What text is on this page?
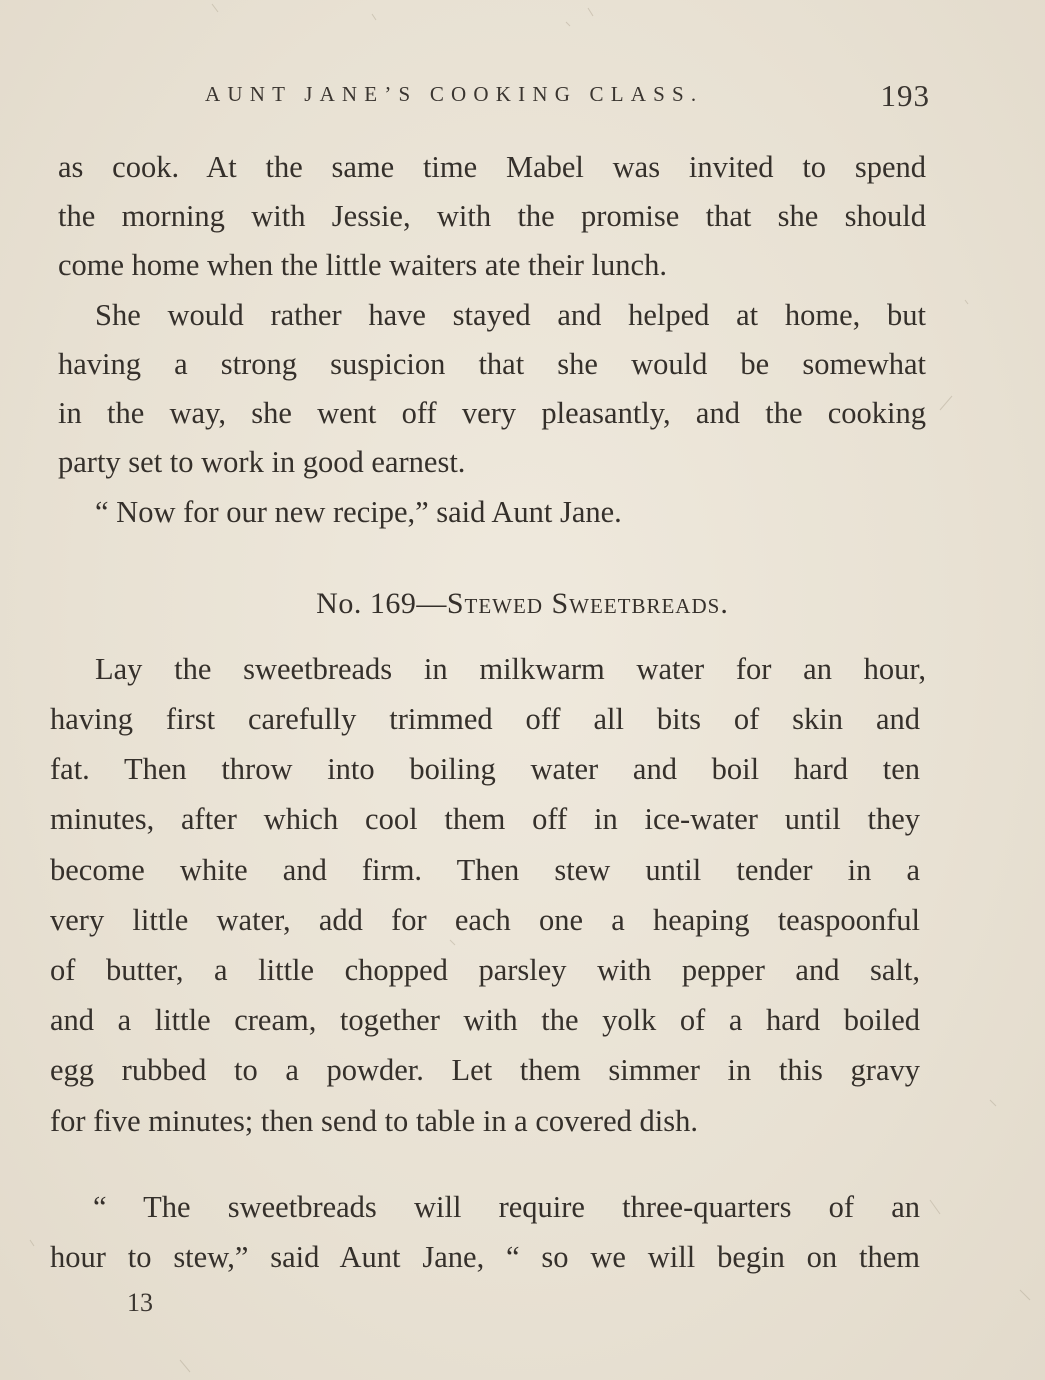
AUNT JANE’S COOKING CLASS.	193
as cook. At the same time Mabel was invited to spend
the morning with Jessie, with the promise that she should
come home when the little waiters ate their lunch.
She would rather have stayed and helped at home, but
having a strong suspicion that she would be somewhat
in the way, she went off very pleasantly, and the cooking
party set to work in good earnest.
“ Now for our new recipe,” said Aunt Jane.
No. 169—Stewed Sweetbreads.
Lay the sweetbreads in milkwarm water for an hour,
having first carefully trimmed off all bits of skin and
fat. Then throw into boiling water and boil hard ten
minutes, after which cool them off in ice-water until they
become white and firm. Then stew until tender in a
very little water, add for each one a heaping teaspoonful
of butter, a little chopped parsley with pepper and salt,
and a little cream, together with the yolk of a hard boiled
egg rubbed to a powder. Let them simmer in this gravy
for five minutes; then send to table in a covered dish.
“ The sweetbreads will require three-quarters of an
hour to stew,” said Aunt Jane, “ so we will begin on them
13
